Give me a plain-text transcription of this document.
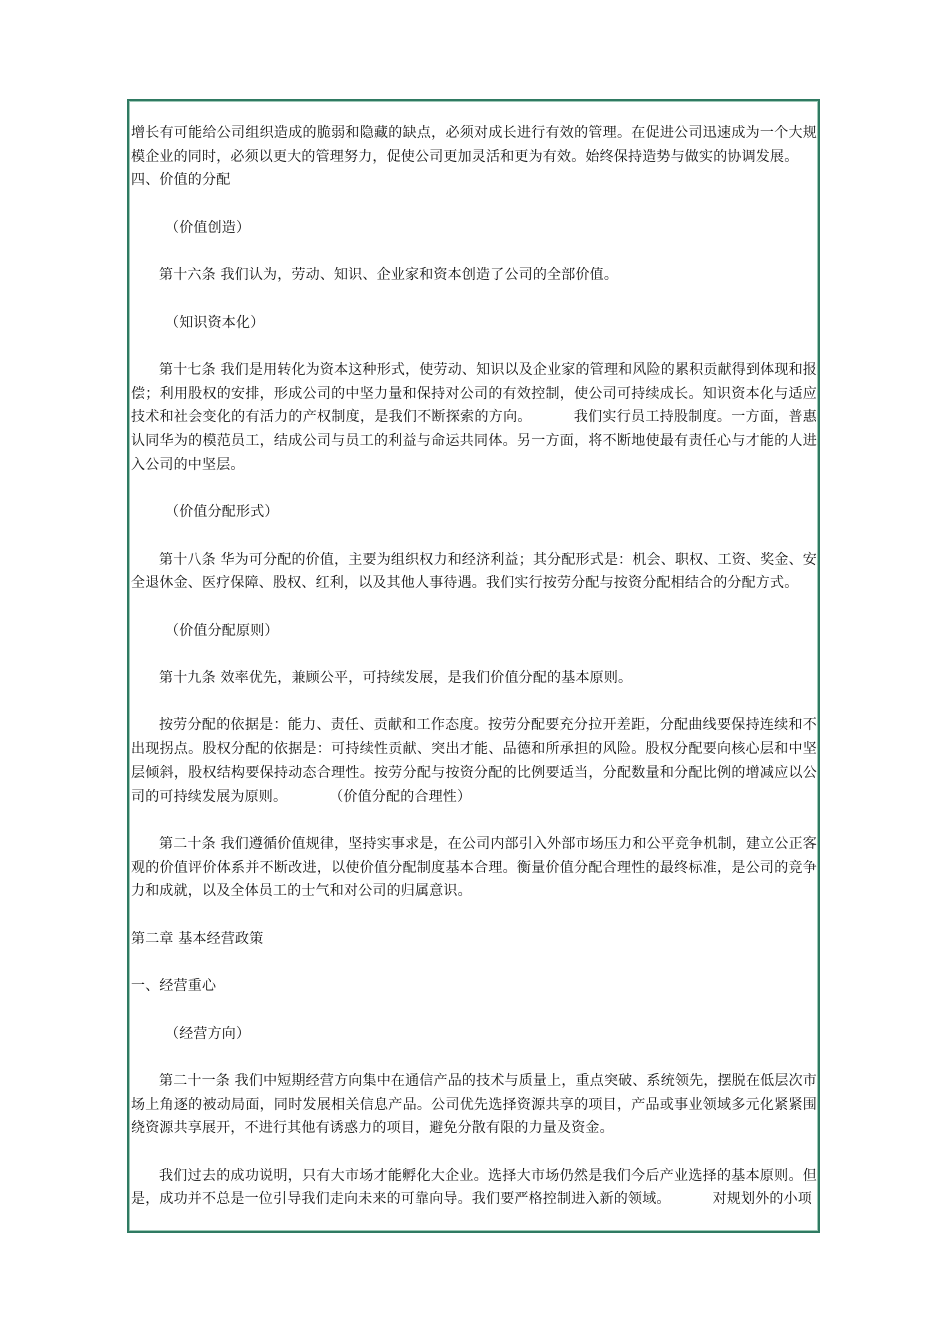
增长有可能给公司组织造成的脆弱和隐藏的缺点，必须对成长进行有效的管理。在促进公司迅速成为一个大规模企业的同时，必须以更大的管理努力，促使公司更加灵活和更为有效。始终保持造势与做实的协调发展。

四、价值的分配

（价值创造）

第十六条 我们认为，劳动、知识、企业家和资本创造了公司的全部价值。

（知识资本化）

第十七条 我们是用转化为资本这种形式，使劳动、知识以及企业家的管理和风险的累积贡献得到体现和报偿；利用股权的安排，形成公司的中坚力量和保持对公司的有效控制，使公司可持续成长。知识资本化与适应技术和社会变化的有活力的产权制度，是我们不断探索的方向。	我们实行员工持股制度。一方面，普惠认同华为的模范员工，结成公司与员工的利益与命运共同体。另一方面，将不断地使最有责任心与才能的人进入公司的中坚层。

（价值分配形式）

第十八条 华为可分配的价值，主要为组织权力和经济利益；其分配形式是：机会、职权、工资、奖金、安全退休金、医疗保障、股权、红利，以及其他人事待遇。我们实行按劳分配与按资分配相结合的分配方式。

（价值分配原则）

第十九条 效率优先，兼顾公平，可持续发展，是我们价值分配的基本原则。

按劳分配的依据是：能力、责任、贡献和工作态度。按劳分配要充分拉开差距，分配曲线要保持连续和不出现拐点。股权分配的依据是：可持续性贡献、突出才能、品德和所承担的风险。股权分配要向核心层和中坚层倾斜，股权结构要保持动态合理性。按劳分配与按资分配的比例要适当，分配数量和分配比例的增减应以公司的可持续发展为原则。	（价值分配的合理性）

第二十条 我们遵循价值规律，坚持实事求是，在公司内部引入外部市场压力和公平竞争机制，建立公正客观的价值评价体系并不断改进，以使价值分配制度基本合理。衡量价值分配合理性的最终标准，是公司的竞争力和成就，以及全体员工的士气和对公司的归属意识。

第二章 基本经营政策

一、经营重心

（经营方向）

第二十一条 我们中短期经营方向集中在通信产品的技术与质量上，重点突破、系统领先，摆脱在低层次市场上角逐的被动局面，同时发展相关信息产品。公司优先选择资源共享的项目，产品或事业领域多元化紧紧围绕资源共享展开，不进行其他有诱惑力的项目，避免分散有限的力量及资金。

我们过去的成功说明，只有大市场才能孵化大企业。选择大市场仍然是我们今后产业选择的基本原则。但是，成功并不总是一位引导我们走向未来的可靠向导。我们要严格控制进入新的领域。	对规划外的小项
